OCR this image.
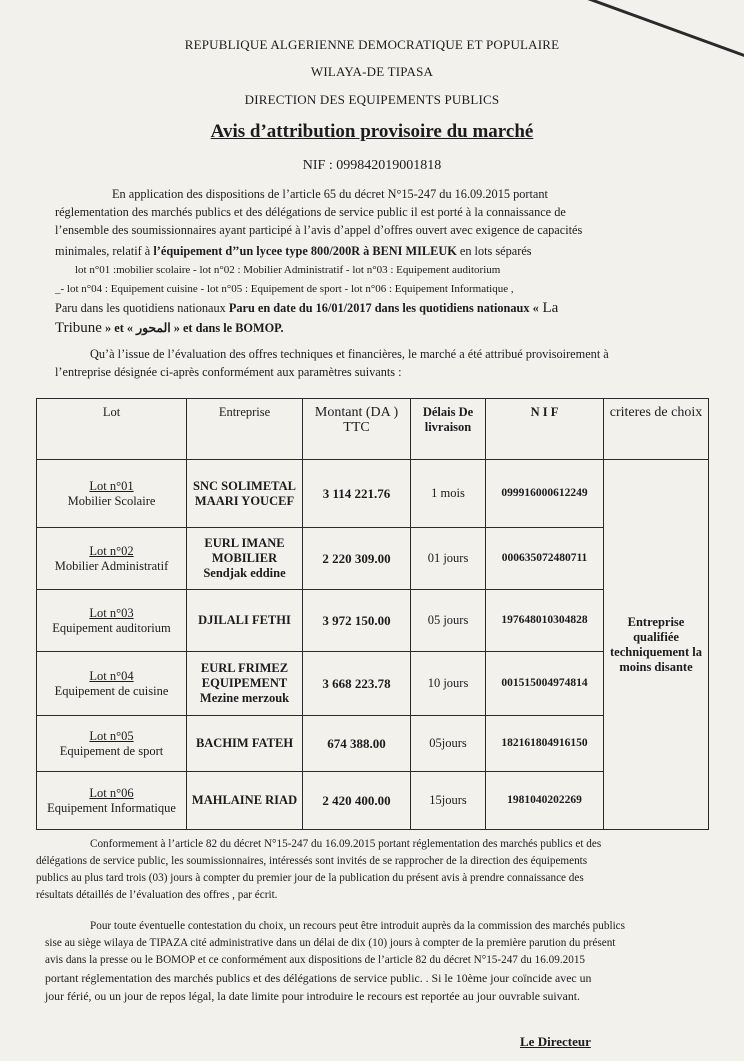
REPUBLIQUE ALGERIENNE DEMOCRATIQUE ET POPULAIRE
WILAYA-DE TIPASA
DIRECTION DES EQUIPEMENTS PUBLICS
Avis d’attribution provisoire du marché
NIF : 099842019001818
En application des dispositions de l’article 65 du décret N°15-247 du 16.09.2015 portant
réglementation des marchés publics et des délégations de service public il est porté à la connaissance de
l’ensemble des soumissionnaires ayant participé à l’avis d’appel d’offres ouvert avec exigence de capacités
minimales, relatif à l’équipement d’’un lycee type 800/200R à BENI MILEUK en lots séparés
lot n°01 :mobilier scolaire - lot n°02 : Mobilier Administratif - lot n°03 : Equipement auditorium
_- lot n°04 : Equipement cuisine - lot n°05 : Equipement de sport - lot n°06 : Equipement Informatique ,
Paru dans les quotidiens nationaux Paru en date du 16/01/2017 dans les quotidiens nationaux « La
Tribune » et « المحور » et dans le BOMOP.
Qu’à l’issue de l’évaluation des offres techniques et financières, le marché a été attribué provisoirement à
l’entreprise désignée ci-après conformément aux paramètres suivants :
Lot	Entreprise	Montant (DA ) TTC	Délais De livraison	N I F	criteres de choix

Lot n°01
Mobilier Scolaire	SNC SOLIMETAL MAARI YOUCEF	3 114 221.76	1 mois	099916000612249	Entreprise qualifiée techniquement la moins disante

Lot n°02
Mobilier Administratif	EURL IMANE MOBILIER Sendjak eddine	2 220 309.00	01 jours	000635072480711	

Lot n°03
Equipement auditorium	DJILALI FETHI	3 972 150.00	05 jours	197648010304828	

Lot n°04
Equipement de cuisine	EURL FRIMEZ EQUIPEMENT Mezine merzouk	3 668 223.78	10 jours	001515004974814	

Lot n°05
Equipement de sport	BACHIM FATEH	674 388.00	05jours	182161804916150	

Lot n°06
Equipement Informatique	MAHLAINE RIAD	2 420 400.00	15jours	1981040202269	
Conformement à l’article 82 du décret N°15-247 du 16.09.2015 portant réglementation des marchés publics et des
délégations de service public, les soumissionnaires, intéressés sont invités de se rapprocher de la direction des équipements
publics au plus tard trois (03) jours à compter du premier jour de la publication du présent avis à prendre connaissance des
résultats détaillés de l’évaluation des offres , par écrit.
Pour toute éventuelle contestation du choix, un recours peut être introduit auprès da la commission des marchés publics
sise au siège wilaya de TIPAZA cité administrative dans un délai de dix (10) jours à compter de la première parution du présent
avis dans la presse ou le BOMOP et ce conformément aux dispositions de l’article 82 du décret N°15-247 du 16.09.2015
portant réglementation des marchés publics et des délégations de service public. . Si le 10ème jour coïncide avec un
jour férié, ou un jour de repos légal, la date limite pour introduire le recours est reportée au jour ouvrable suivant.
Le Directeur
